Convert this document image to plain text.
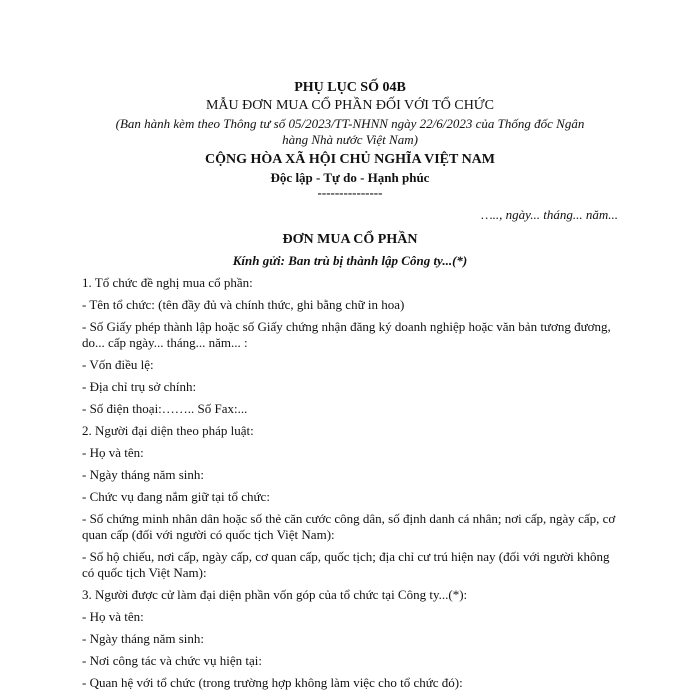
PHỤ LỤC SỐ 04B
MẪU ĐƠN MUA CỔ PHẦN ĐỐI VỚI TỔ CHỨC
(Ban hành kèm theo Thông tư số 05/2023/TT-NHNN ngày 22/6/2023 của Thống đốc Ngân hàng Nhà nước Việt Nam)
CỘNG HÒA XÃ HỘI CHỦ NGHĨA VIỆT NAM
Độc lập - Tự do - Hạnh phúc
---------------
….., ngày... tháng... năm...
ĐƠN MUA CỔ PHẦN
Kính gửi: Ban trù bị thành lập Công ty...(*)

1. Tổ chức đề nghị mua cổ phần:

- Tên tổ chức: (tên đầy đủ và chính thức, ghi bằng chữ in hoa)

- Số Giấy phép thành lập hoặc số Giấy chứng nhận đăng ký doanh nghiệp hoặc văn bản tương đương, do... cấp ngày... tháng... năm... :

- Vốn điều lệ:

- Địa chỉ trụ sở chính:

- Số điện thoại:…….. Số Fax:...

2. Người đại diện theo pháp luật:

- Họ và tên:

- Ngày tháng năm sinh:

- Chức vụ đang nắm giữ tại tổ chức:

- Số chứng minh nhân dân hoặc số thẻ căn cước công dân, số định danh cá nhân; nơi cấp, ngày cấp, cơ quan cấp (đối với người có quốc tịch Việt Nam):

- Số hộ chiếu, nơi cấp, ngày cấp, cơ quan cấp, quốc tịch; địa chỉ cư trú hiện nay (đối với người không có quốc tịch Việt Nam):

3. Người được cử làm đại diện phần vốn góp của tổ chức tại Công ty...(*):

- Họ và tên:

- Ngày tháng năm sinh:

- Nơi công tác và chức vụ hiện tại:

- Quan hệ với tổ chức (trong trường hợp không làm việc cho tổ chức đó):
